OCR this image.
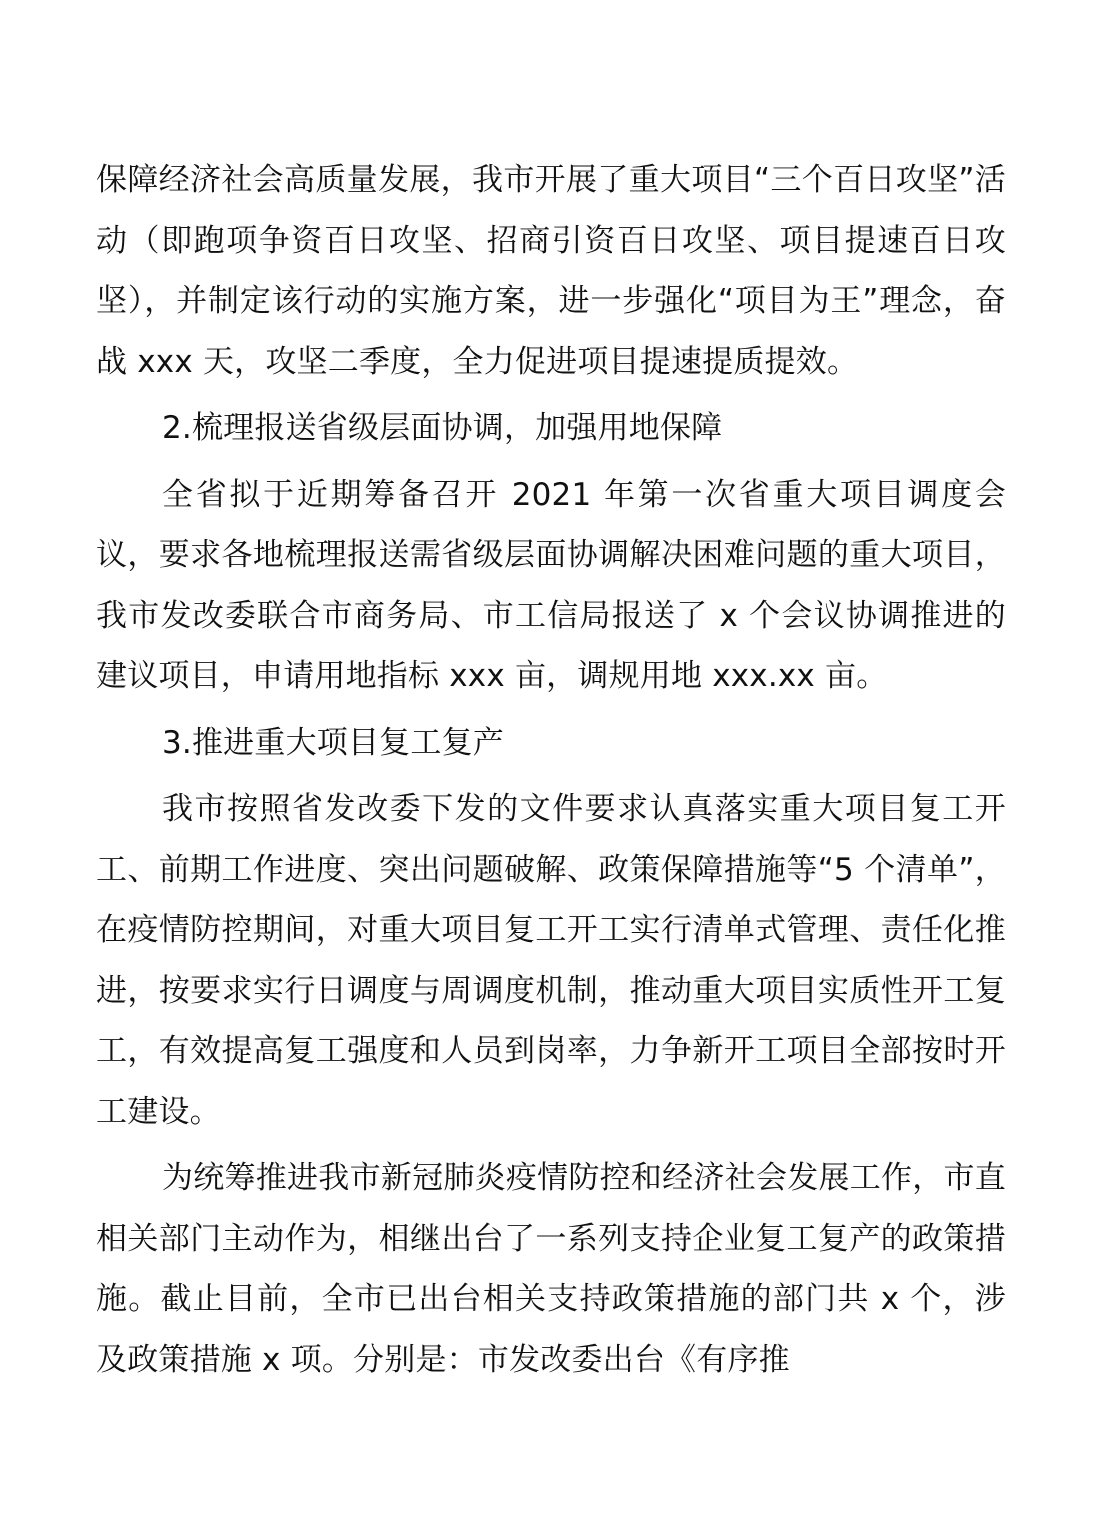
保障经济社会高质量发展，我市开展了重大项目“三个百日攻坚”活动（即跑项争资百日攻坚、招商引资百日攻坚、项目提速百日攻坚），并制定该行动的实施方案，进一步强化“项目为王”理念，奋战 xxx 天，攻坚二季度，全力促进项目提速提质提效。

2.梳理报送省级层面协调，加强用地保障

全省拟于近期筹备召开 2021 年第一次省重大项目调度会议，要求各地梳理报送需省级层面协调解决困难问题的重大项目，我市发改委联合市商务局、市工信局报送了 x 个会议协调推进的建议项目，申请用地指标 xxx 亩，调规用地 xxx.xx 亩。

3.推进重大项目复工复产

我市按照省发改委下发的文件要求认真落实重大项目复工开工、前期工作进度、突出问题破解、政策保障措施等“5 个清单”，在疫情防控期间，对重大项目复工开工实行清单式管理、责任化推进，按要求实行日调度与周调度机制，推动重大项目实质性开工复工，有效提高复工强度和人员到岗率，力争新开工项目全部按时开工建设。

为统筹推进我市新冠肺炎疫情防控和经济社会发展工作，市直相关部门主动作为，相继出台了一系列支持企业复工复产的政策措施。截止目前，全市已出台相关支持政策措施的部门共 x 个，涉及政策措施 x 项。分别是：市发改委出台《有序推
